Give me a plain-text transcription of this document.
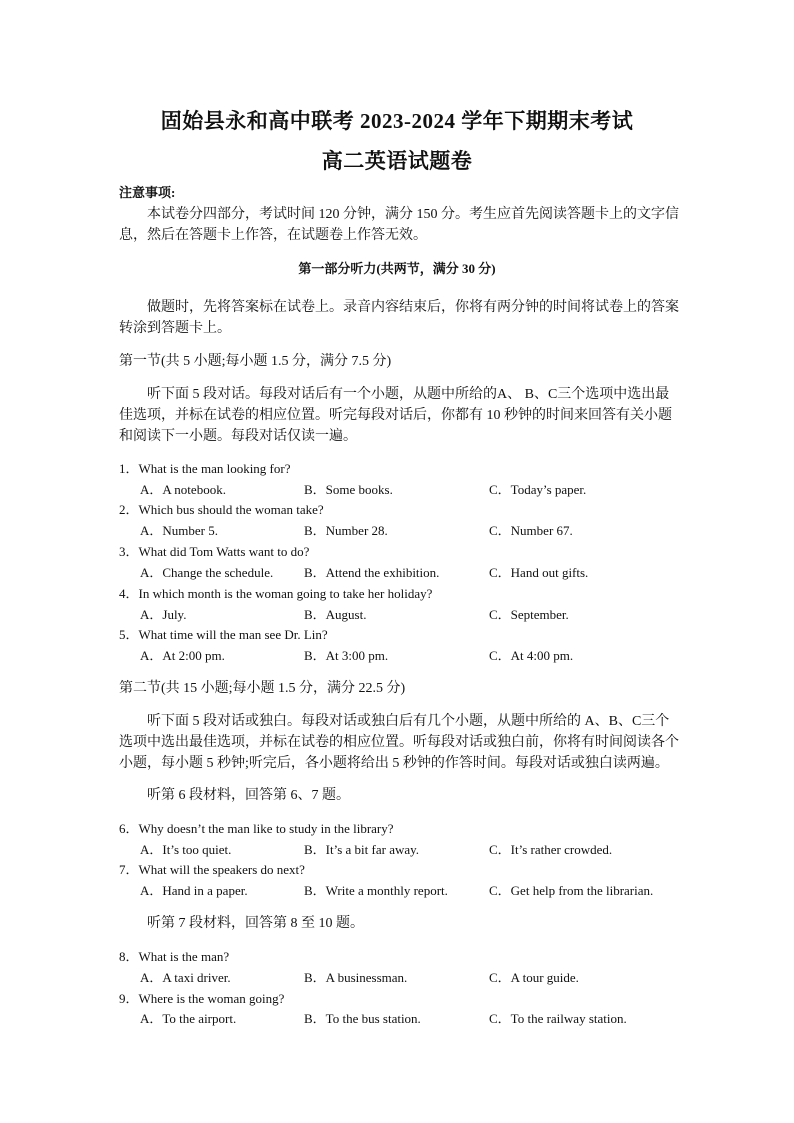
固始县永和高中联考 2023-2024 学年下期期末考试
高二英语试题卷
注意事项:
本试卷分四部分，考试时间 120 分钟，满分 150 分。考生应首先阅读答题卡上的文字信
息，然后在答题卡上作答，在试题卷上作答无效。
第一部分听力(共两节，满分 30 分)
做题时，先将答案标在试卷上。录音内容结束后，你将有两分钟的时间将试卷上的答案
转涂到答题卡上。
第一节(共 5 小题;每小题 1.5 分，满分 7.5 分)
听下面 5 段对话。每段对话后有一个小题，从题中所给的A、 B、C三个选项中选出最
佳选项，并标在试卷的相应位置。听完每段对话后，你都有 10 秒钟的时间来回答有关小题
和阅读下一小题。每段对话仅读一遍。
1．What is the man looking for?
A．A notebook.	B．Some books.	C．Today’s paper.
2．Which bus should the woman take?
A．Number 5.	B．Number 28.	C．Number 67.
3．What did Tom Watts want to do?
A．Change the schedule. B．Attend the exhibition.	C．Hand out gifts.
4．In which month is the woman going to take her holiday?
A．July.	B．August.	C．September.
5．What time will the man see Dr. Lin?
A．At 2:00 pm.	B．At 3:00 pm.	C．At 4:00 pm.
第二节(共 15 小题;每小题 1.5 分，满分 22.5 分)
听下面 5 段对话或独白。每段对话或独白后有几个小题，从题中所给的 A、B、C三个
选项中选出最佳选项，并标在试卷的相应位置。听每段对话或独白前，你将有时间阅读各个
小题，每小题 5 秒钟;听完后，各小题将给出 5 秒钟的作答时间。每段对话或独白读两遍。
听第 6 段材料，回答第 6、7 题。
6．Why doesn’t the man like to study in the library?
A．It’s too quiet.	B．It’s a bit far away.	C．It’s rather crowded.
7．What will the speakers do next?
A．Hand in a paper.	B．Write a monthly report.	C．Get help from the librarian.
听第 7 段材料，回答第 8 至 10 题。
8．What is the man?
A．A taxi driver.	B．A businessman.	C．A tour guide.
9．Where is the woman going?
A．To the airport.	B．To the bus station.	C．To the railway station.
